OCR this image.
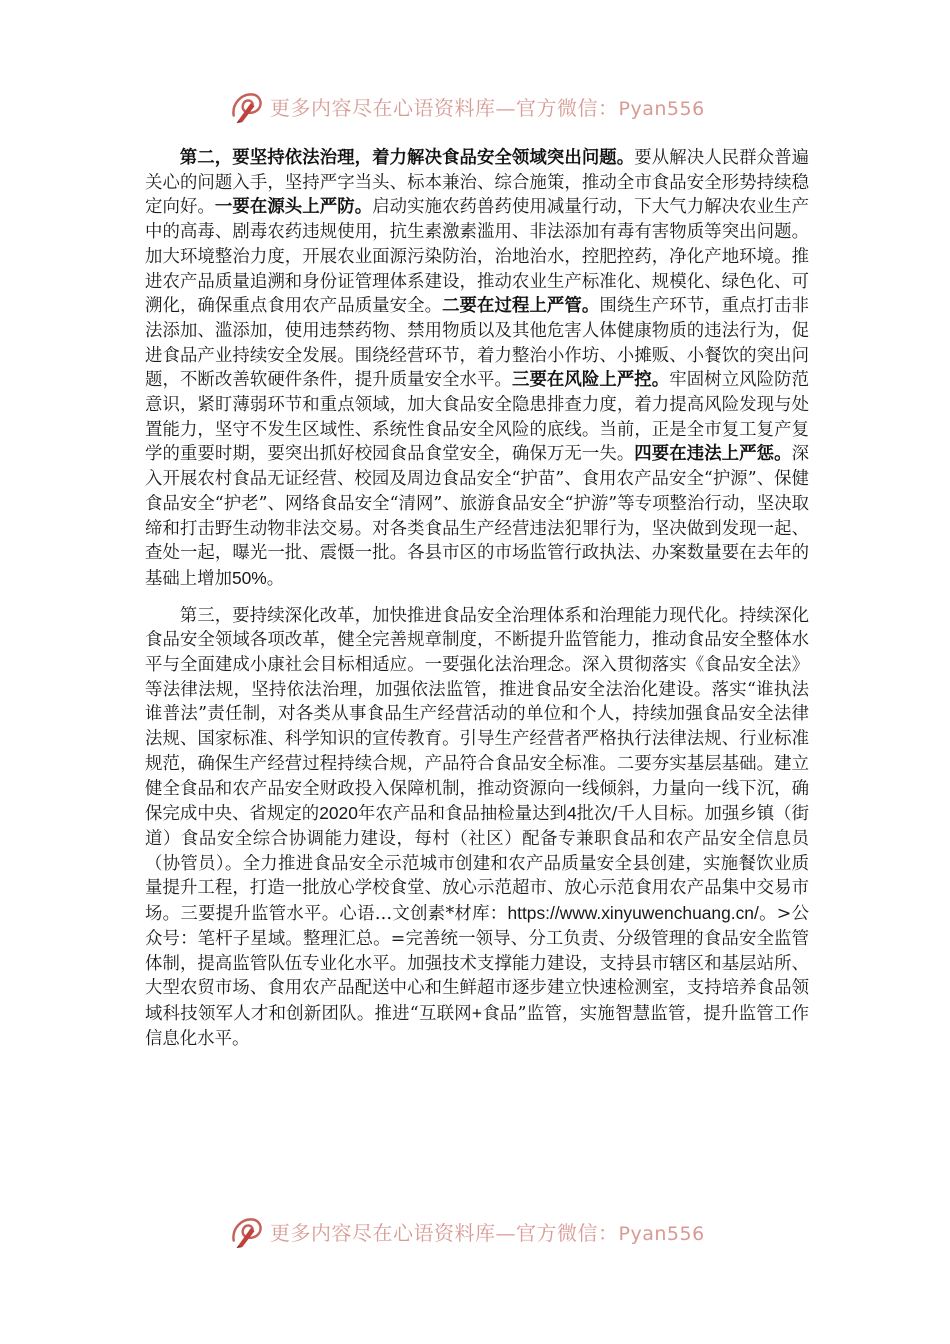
更多内容尽在心语资料库—官方微信：Pyan556

第二，要坚持依法治理，着力解决食品安全领域突出问题。要从解决人民群众普遍关心的问题入手，坚持严字当头、标本兼治、综合施策，推动全市食品安全形势持续稳定向好。一要在源头上严防。启动实施农药兽药使用减量行动，下大气力解决农业生产中的高毒、剧毒农药违规使用，抗生素激素滥用、非法添加有毒有害物质等突出问题。加大环境整治力度，开展农业面源污染防治，治地治水，控肥控药，净化产地环境。推进农产品质量追溯和身份证管理体系建设，推动农业生产标准化、规模化、绿色化、可溯化，确保重点食用农产品质量安全。二要在过程上严管。围绕生产环节，重点打击非法添加、滥添加，使用违禁药物、禁用物质以及其他危害人体健康物质的违法行为，促进食品产业持续安全发展。围绕经营环节，着力整治小作坊、小摊贩、小餐饮的突出问题，不断改善软硬件条件，提升质量安全水平。三要在风险上严控。牢固树立风险防范意识，紧盯薄弱环节和重点领域，加大食品安全隐患排查力度，着力提高风险发现与处置能力，坚守不发生区域性、系统性食品安全风险的底线。当前，正是全市复工复产复学的重要时期，要突出抓好校园食品食堂安全，确保万无一失。四要在违法上严惩。深入开展农村食品无证经营、校园及周边食品安全“护苗”、食用农产品安全“护源”、保健食品安全“护老”、网络食品安全“清网”、旅游食品安全“护游”等专项整治行动，坚决取缔和打击野生动物非法交易。对各类食品生产经营违法犯罪行为，坚决做到发现一起、查处一起，曝光一批、震慑一批。各县市区的市场监管行政执法、办案数量要在去年的基础上增加50%。

第三，要持续深化改革，加快推进食品安全治理体系和治理能力现代化。持续深化食品安全领域各项改革，健全完善规章制度，不断提升监管能力，推动食品安全整体水平与全面建成小康社会目标相适应。一要强化法治理念。深入贯彻落实《食品安全法》等法律法规，坚持依法治理，加强依法监管，推进食品安全法治化建设。落实“谁执法谁普法”责任制，对各类从事食品生产经营活动的单位和个人，持续加强食品安全法律法规、国家标准、科学知识的宣传教育。引导生产经营者严格执行法律法规、行业标准规范，确保生产经营过程持续合规，产品符合食品安全标准。二要夯实基层基础。建立健全食品和农产品安全财政投入保障机制，推动资源向一线倾斜，力量向一线下沉，确保完成中央、省规定的2020年农产品和食品抽检量达到4批次/千人目标。加强乡镇（街道）食品安全综合协调能力建设，每村（社区）配备专兼职食品和农产品安全信息员（协管员）。全力推进食品安全示范城市创建和农产品质量安全县创建，实施餐饮业质量提升工程，打造一批放心学校食堂、放心示范超市、放心示范食用农产品集中交易市场。三要提升监管水平。心语…文创素*材库：https://www.xinyuwenchuang.cn/。>公众号：笔杆子星域。整理汇总。=完善统一领导、分工负责、分级管理的食品安全监管体制，提高监管队伍专业化水平。加强技术支撑能力建设，支持县市辖区和基层站所、大型农贸市场、食用农产品配送中心和生鲜超市逐步建立快速检测室，支持培养食品领域科技领军人才和创新团队。推进“互联网+食品”监管，实施智慧监管，提升监管工作信息化水平。

更多内容尽在心语资料库—官方微信：Pyan556
